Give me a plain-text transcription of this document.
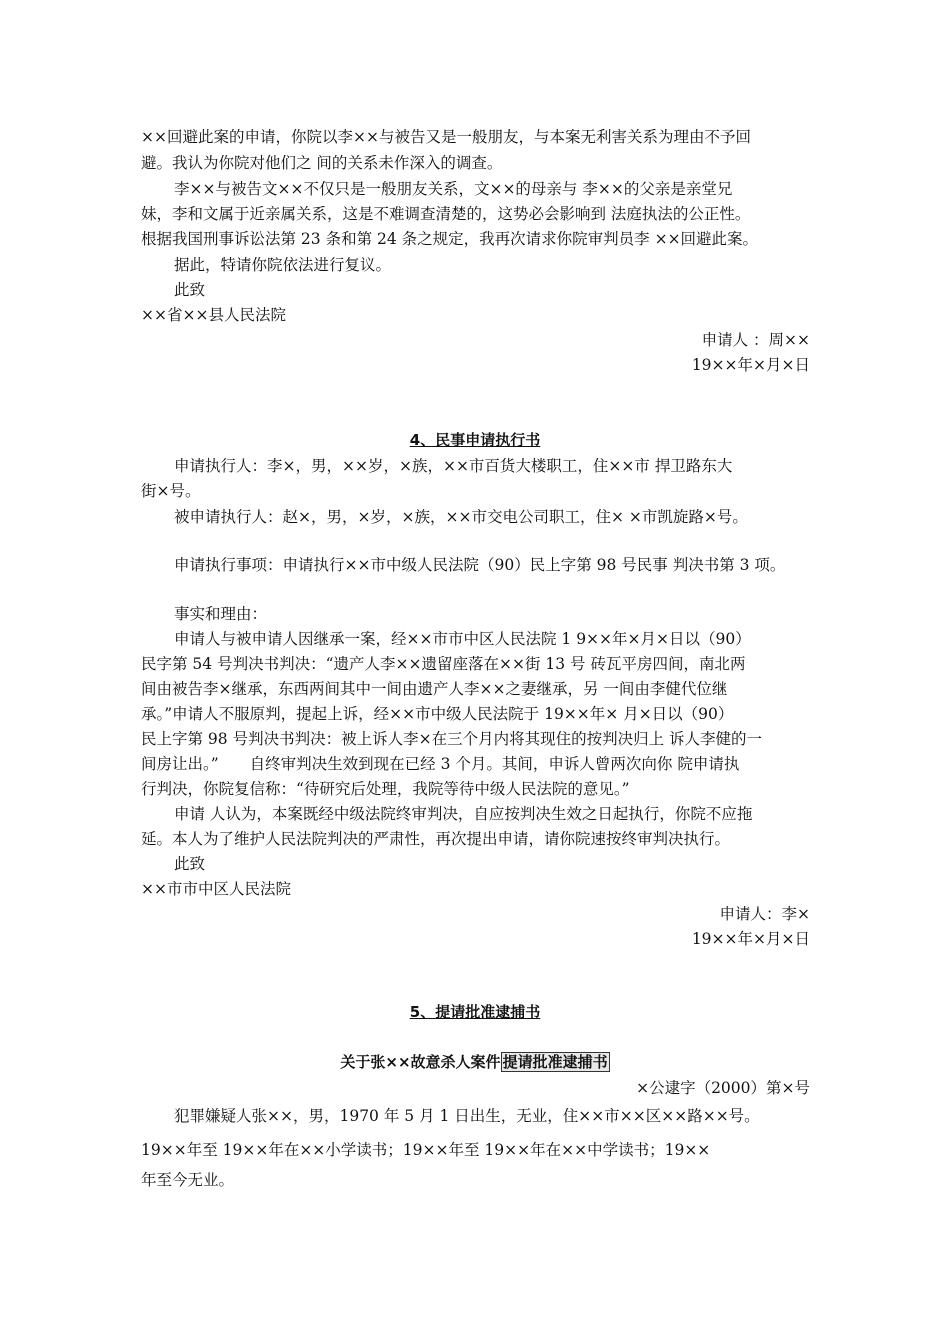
××回避此案的申请，你院以李××与被告又是一般朋友，与本案无利害关系为理由不予回
避。我认为你院对他们之 间的关系未作深入的调查。
李××与被告文××不仅只是一般朋友关系，文××的母亲与 李××的父亲是亲堂兄
妹，李和文属于近亲属关系，这是不难调查清楚的，这势必会影响到 法庭执法的公正性。
根据我国刑事诉讼法第 23 条和第 24 条之规定，我再次请求你院审判员李 ××回避此案。
据此，特请你院依法进行复议。
此致
××省××县人民法院
申请人 ：周××
19××年×月×日
4、民事申请执行书
申请执行人：李×，男，××岁，×族，××市百货大楼职工，住××市 捍卫路东大
街×号。
被申请执行人：赵×，男，×岁，×族，××市交电公司职工，住× ×市凯旋路×号。
申请执行事项：申请执行××市中级人民法院（90）民上字第 98 号民事 判决书第 3 项。
事实和理由：
申请人与被申请人因继承一案，经××市市中区人民法院 1 9××年×月×日以（90）
民字第 54 号判决书判决：“遗产人李××遗留座落在××街 13 号 砖瓦平房四间，南北两
间由被告李×继承，东西两间其中一间由遗产人李××之妻继承，另 一间由李健代位继
承。”申请人不服原判，提起上诉，经××市中级人民法院于 19××年× 月×日以（90）
民上字第 98 号判决书判决：被上诉人李×在三个月内将其现住的按判决归上 诉人李健的一
间房让出。”　　自终审判决生效到现在已经 3 个月。其间，申诉人曾两次向你 院申请执
行判决，你院复信称：“待研究后处理，我院等待中级人民法院的意见。”
申请 人认为，本案既经中级法院终审判决，自应按判决生效之日起执行，你院不应拖
延。本人为了维护人民法院判决的严肃性，再次提出申请，请你院速按终审判决执行。
此致
××市市中区人民法院
申请人：李×
19××年×月×日
5、提请批准逮捕书
关于张××故意杀人案件 提请批准逮捕书
×公逮字（2000）第×号
犯罪嫌疑人张××，男，1970 年 5 月 1 日出生，无业，住××市××区××路××号。
19××年至 19××年在××小学读书；19××年至 19××年在××中学读书；19××
年至今无业。
